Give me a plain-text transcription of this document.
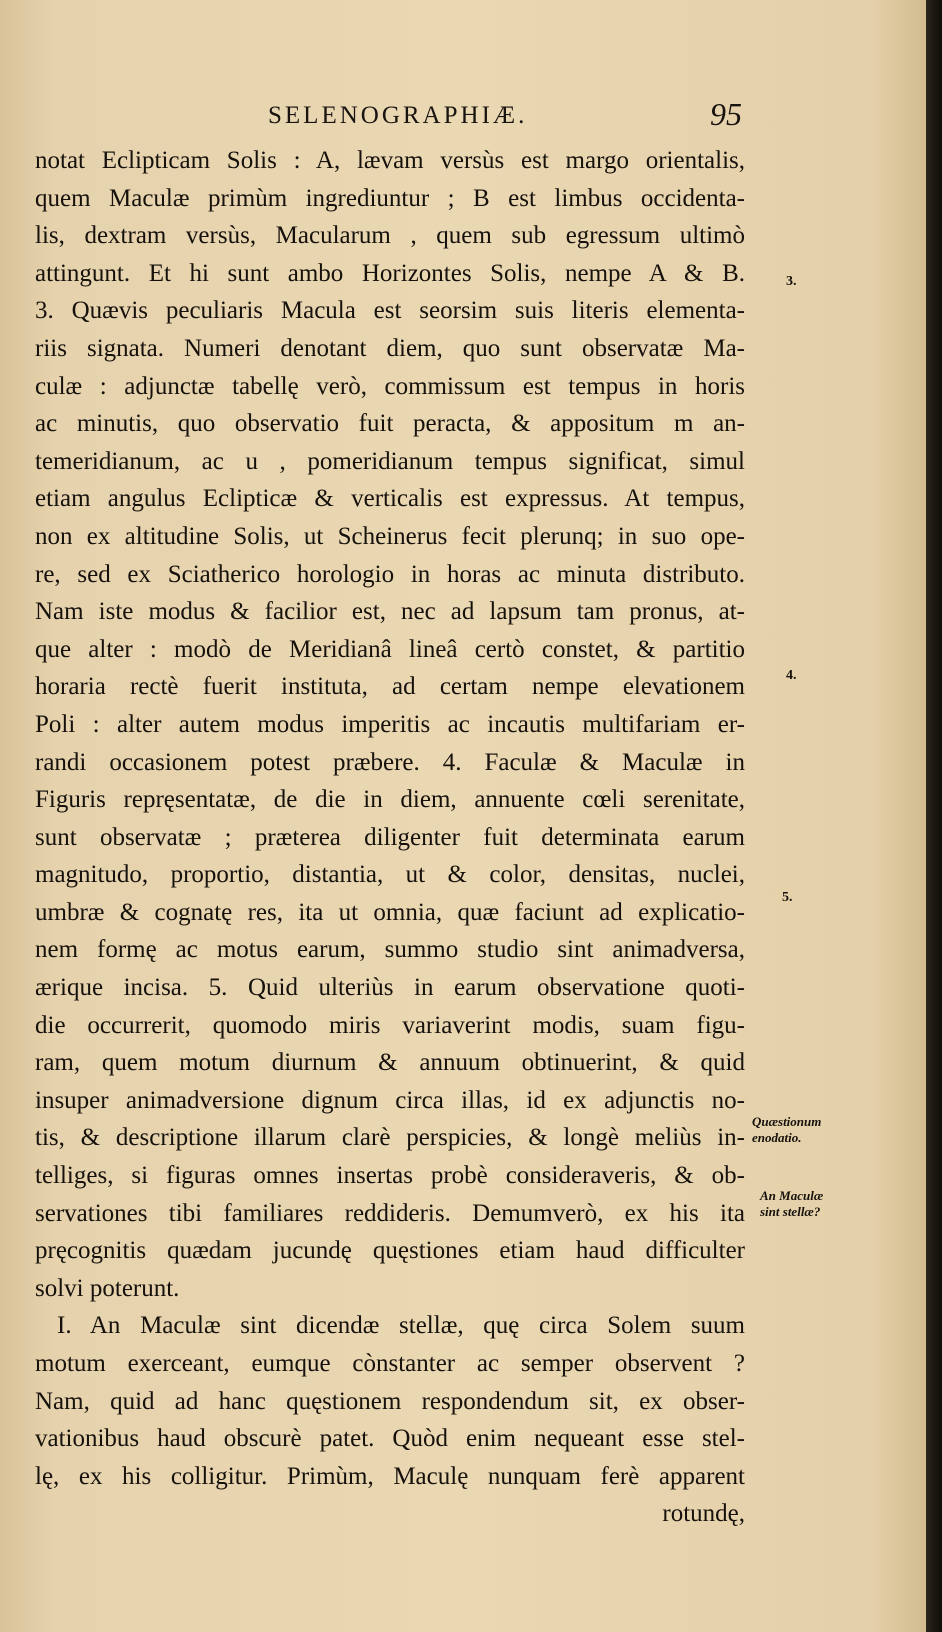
SELENOGRAPHIÆ.	95
notat Eclipticam Solis : A, lævam versùs est margo orientalis,
quem Maculæ primùm ingrediuntur ; B est limbus occidenta-
lis, dextram versùs, Macularum , quem sub egressum ultimò
attingunt. Et hi sunt ambo Horizontes Solis, nempe A & B.
3. Quævis peculiaris Macula est seorsim suis literis elementa-
riis signata. Numeri denotant diem, quo sunt observatæ Ma-
culæ : adjunctæ tabellę verò, commissum est tempus in horis
ac minutis, quo observatio fuit peracta, & appositum m an-
temeridianum, ac u , pomeridianum tempus significat, simul
etiam angulus Eclipticæ & verticalis est expressus. At tempus,
non ex altitudine Solis, ut Scheinerus fecit plerunq; in suo ope-
re, sed ex Sciatherico horologio in horas ac minuta distributo.
Nam iste modus & facilior est, nec ad lapsum tam pronus, at-
que alter : modò de Meridianâ lineâ certò constet, & partitio
horaria rectè fuerit instituta, ad certam nempe elevationem
Poli : alter autem modus imperitis ac incautis multifariam er-
randi occasionem potest præbere. 4. Faculæ & Maculæ in
Figuris repręsentatæ, de die in diem, annuente cœli serenitate,
sunt observatæ ; præterea diligenter fuit determinata earum
magnitudo, proportio, distantia, ut & color, densitas, nuclei,
umbræ & cognatę res, ita ut omnia, quæ faciunt ad explicatio-
nem formę ac motus earum, summo studio sint animadversa,
ærique incisa. 5. Quid ulteriùs in earum observatione quoti-
die occurrerit, quomodo miris variaverint modis, suam figu-
ram, quem motum diurnum & annuum obtinuerint, & quid
insuper animadversione dignum circa illas, id ex adjunctis no-
tis, & descriptione illarum clarè perspicies, & longè meliùs in-
telliges, si figuras omnes insertas probè consideraveris, & ob-
servationes tibi familiares reddideris. Demumverò, ex his ita
pręcognitis quædam jucundę quęstiones etiam haud difficulter
solvi poterunt.
I. An Maculæ sint dicendæ stellæ, quę circa Solem suum
motum exerceant, eumque cònstanter ac semper observent ?
Nam, quid ad hanc quęstionem respondendum sit, ex obser-
vationibus haud obscurè patet. Quòd enim nequeant esse stel-
lę, ex his colligitur. Primùm, Maculę nunquam ferè apparent
rotundę,
3.
4.
5.
Quæstionum
enodatio.
An Maculæ
sint stellæ?
